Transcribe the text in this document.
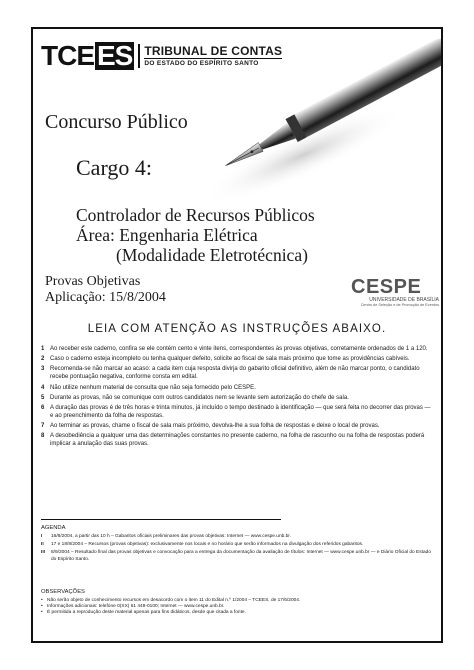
TCE ES TRIBUNAL DE CONTAS
DO ESTADO DO ESPÍRITO SANTO
Concurso Público
Cargo 4:
Controlador de Recursos Públicos
Área: Engenharia Elétrica
(Modalidade Eletrotécnica)
Provas Objetivas
Aplicação: 15/8/2004	CESPE
UNIVERSIDADE DE BRASÍLIA
Centro de Seleção e de Promoção de Eventos
LEIA COM ATENÇÃO AS INSTRUÇÕES ABAIXO.
1 Ao receber este caderno, confira se ele contém cento e vinte itens, correspondentes às provas objetivas, corretamente ordenados de 1 a 120.
2 Caso o caderno esteja incompleto ou tenha qualquer defeito, solicite ao fiscal de sala mais próximo que tome as providências cabíveis.
3 Recomenda-se não marcar ao acaso: a cada item cuja resposta divirja do gabarito oficial definitivo, além de não marcar ponto, o candidato recebe pontuação negativa, conforme consta em edital.
4 Não utilize nenhum material de consulta que não seja fornecido pelo CESPE.
5 Durante as provas, não se comunique com outros candidatos nem se levante sem autorização do chefe de sala.
6 A duração das provas é de três horas e trinta minutos, já incluído o tempo destinado à identificação — que será feita no decorrer das provas — e ao preenchimento da folha de respostas.
7 Ao terminar as provas, chame o fiscal de sala mais próximo, devolva-lhe a sua folha de respostas e deixe o local de provas.
8 A desobediência a qualquer uma das determinações constantes no presente caderno, na folha de rascunho ou na folha de respostas poderá implicar a anulação das suas provas.
AGENDA
I	16/8/2004, a partir das 10 h – Gabaritos oficiais preliminares das provas objetivas: Internet — www.cespe.unb.br.
II	17 e 18/8/2004 – Recursos (provas objetivas): exclusivamente nos locais e no horário que serão informados na divulgação dos referidos gabaritos.
III	8/9/2004 – Resultado final das provas objetivas e convocação para a entrega da documentação da avaliação de títulos: Internet — www.cespe.unb.br — e Diário Oficial do Estado do Espírito Santo.
OBSERVAÇÕES
• Não serão objeto de conhecimento recursos em desacordo com o item 11 do Edital n.º 1/2004 – TCEES, de 17/6/2004.
• Informações adicionais: telefone 0(XX) 61 448-0100; Internet — www.cespe.unb.br.
• É permitida a reprodução deste material apenas para fins didáticos, desde que citada a fonte.
